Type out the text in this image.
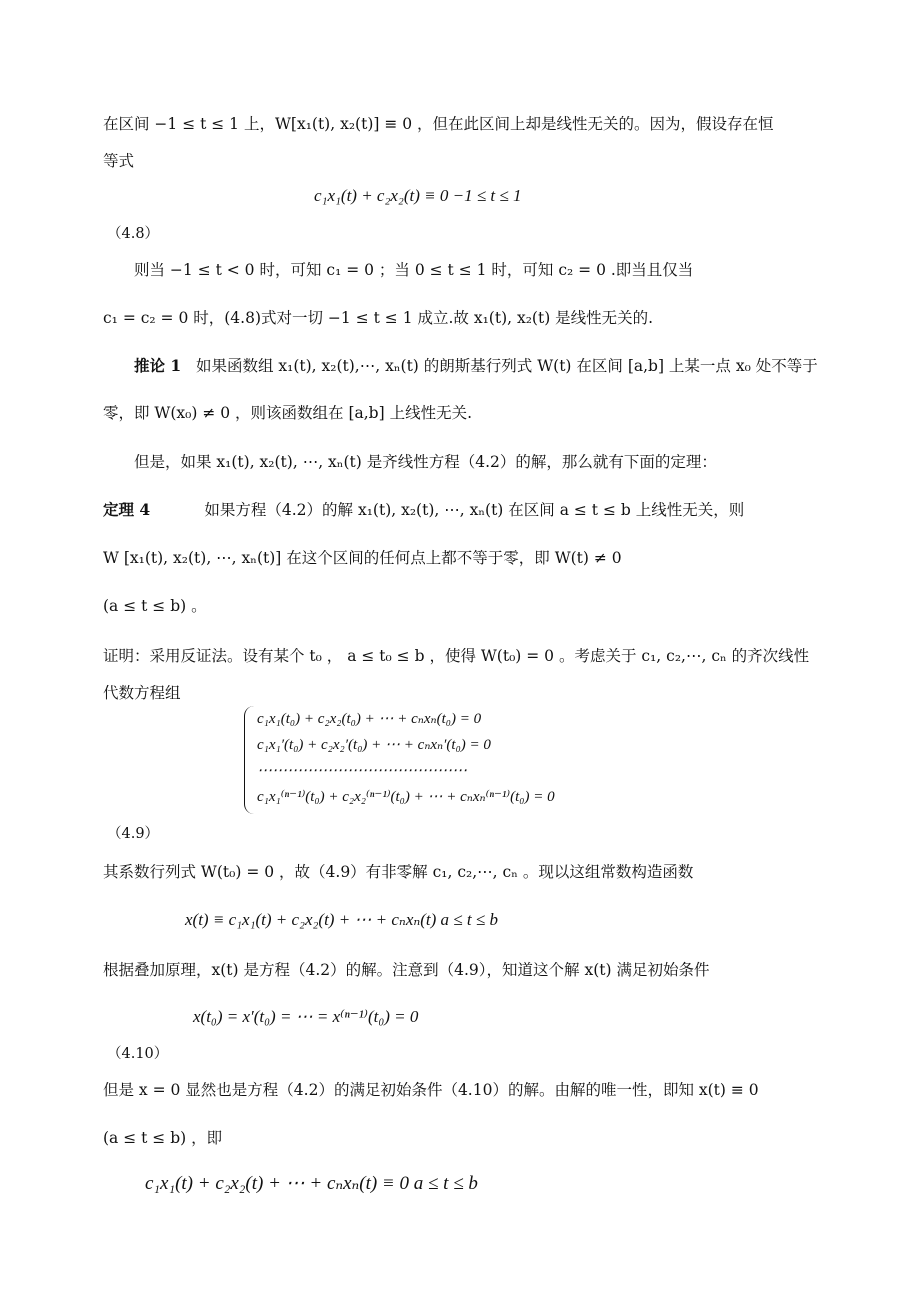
在区间 −1 ≤ t ≤ 1 上，W[x₁(t), x₂(t)] ≡ 0 ，但在此区间上却是线性无关的。因为，假设存在恒
等式
c₁x₁(t) + c₂x₂(t) ≡ 0 −1 ≤ t ≤ 1
（4.8）
则当 −1 ≤ t < 0 时，可知 c₁ = 0 ；当 0 ≤ t ≤ 1 时，可知 c₂ = 0 .即当且仅当
c₁ = c₂ = 0 时，(4.8)式对一切 −1 ≤ t ≤ 1 成立.故 x₁(t), x₂(t) 是线性无关的.
推论 1 如果函数组 x₁(t), x₂(t),⋯, xₙ(t) 的朗斯基行列式 W(t) 在区间 [a,b] 上某一点 x₀ 处不等于
零，即 W(x₀) ≠ 0 ，则该函数组在 [a,b] 上线性无关.
但是，如果 x₁(t), x₂(t), ⋯, xₙ(t) 是齐线性方程（4.2）的解，那么就有下面的定理：
定理 4	如果方程（4.2）的解 x₁(t), x₂(t), ⋯, xₙ(t) 在区间 a ≤ t ≤ b 上线性无关，则
W [x₁(t), x₂(t), ⋯, xₙ(t)] 在这个区间的任何点上都不等于零，即 W(t) ≠ 0
(a ≤ t ≤ b) 。
证明：采用反证法。设有某个 t₀ ， a ≤ t₀ ≤ b ，使得 W(t₀) = 0 。考虑关于 c₁, c₂,⋯, cₙ 的齐次线性
代数方程组
c₁x₁(t₀) + c₂x₂(t₀) + ⋯ + cₙxₙ(t₀) = 0
c₁x₁′(t₀) + c₂x₂′(t₀) + ⋯ + cₙxₙ′(t₀) = 0
⋯⋯⋯⋯⋯⋯⋯⋯⋯⋯⋯⋯⋯⋯
c₁x₁⁽ⁿ⁻¹⁾(t₀) + c₂x₂⁽ⁿ⁻¹⁾(t₀) + ⋯ + cₙxₙ⁽ⁿ⁻¹⁾(t₀) = 0
（4.9）
其系数行列式 W(t₀) = 0 ，故（4.9）有非零解 c₁, c₂,⋯, cₙ 。现以这组常数构造函数
x(t) ≡ c₁x₁(t) + c₂x₂(t) + ⋯ + cₙxₙ(t) a ≤ t ≤ b
根据叠加原理，x(t) 是方程（4.2）的解。注意到（4.9），知道这个解 x(t) 满足初始条件
x(t₀) = x′(t₀) = ⋯ = x⁽ⁿ⁻¹⁾(t₀) = 0
（4.10）
但是 x = 0 显然也是方程（4.2）的满足初始条件（4.10）的解。由解的唯一性，即知 x(t) ≡ 0
(a ≤ t ≤ b) ，即
c₁x₁(t) + c₂x₂(t) + ⋯ + cₙxₙ(t) ≡ 0 a ≤ t ≤ b
